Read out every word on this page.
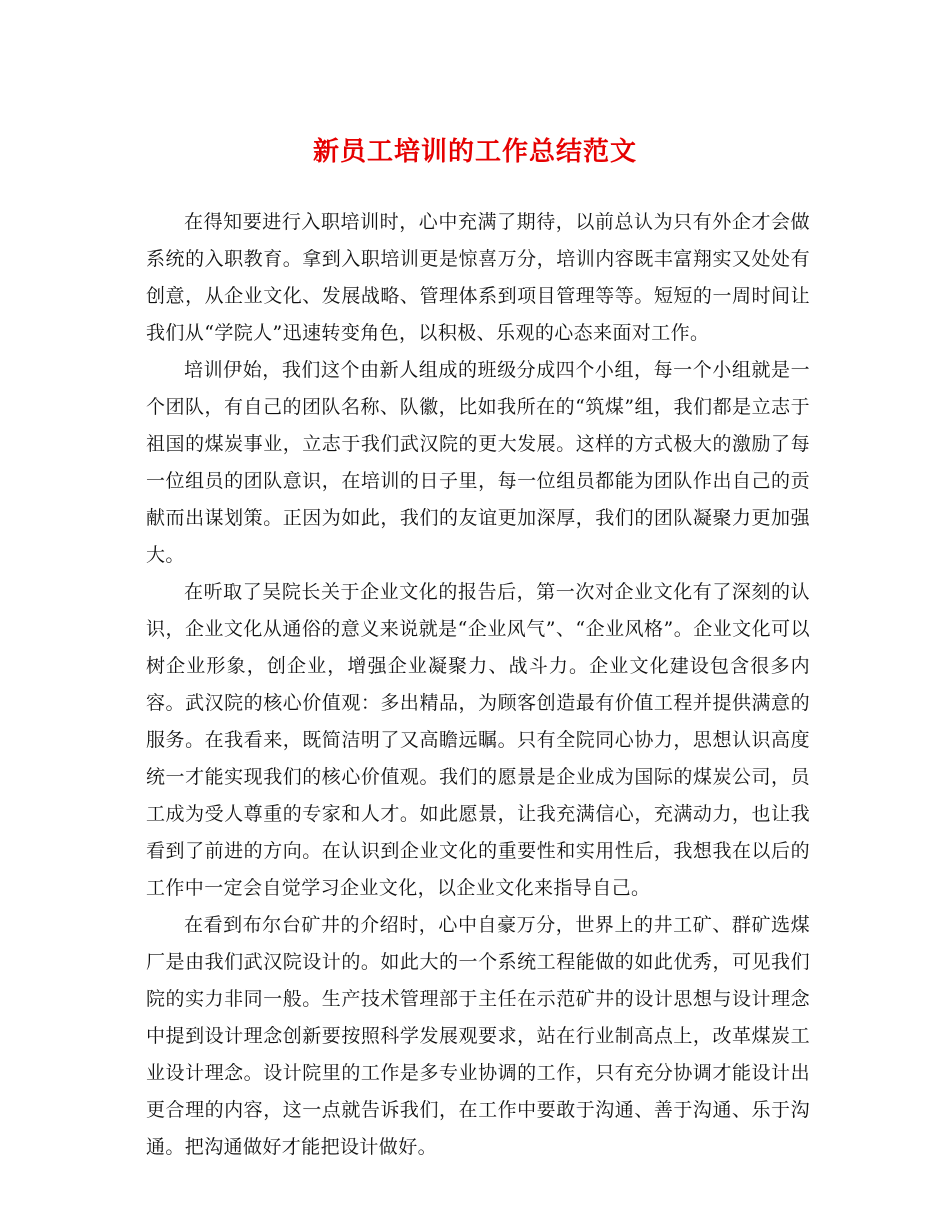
新员工培训的工作总结范文

在得知要进行入职培训时，心中充满了期待，以前总认为只有外企才会做系统的入职教育。拿到入职培训更是惊喜万分，培训内容既丰富翔实又处处有创意，从企业文化、发展战略、管理体系到项目管理等等。短短的一周时间让我们从“学院人”迅速转变角色，以积极、乐观的心态来面对工作。

培训伊始，我们这个由新人组成的班级分成四个小组，每一个小组就是一个团队，有自己的团队名称、队徽，比如我所在的“筑煤”组，我们都是立志于祖国的煤炭事业，立志于我们武汉院的更大发展。这样的方式极大的激励了每一位组员的团队意识，在培训的日子里，每一位组员都能为团队作出自己的贡献而出谋划策。正因为如此，我们的友谊更加深厚，我们的团队凝聚力更加强大。

在听取了吴院长关于企业文化的报告后，第一次对企业文化有了深刻的认识，企业文化从通俗的意义来说就是“企业风气”、“企业风格”。企业文化可以树企业形象，创企业，增强企业凝聚力、战斗力。企业文化建设包含很多内容。武汉院的核心价值观：多出精品，为顾客创造最有价值工程并提供满意的服务。在我看来，既简洁明了又高瞻远瞩。只有全院同心协力，思想认识高度统一才能实现我们的核心价值观。我们的愿景是企业成为国际的煤炭公司，员工成为受人尊重的专家和人才。如此愿景，让我充满信心，充满动力，也让我看到了前进的方向。在认识到企业文化的重要性和实用性后，我想我在以后的工作中一定会自觉学习企业文化，以企业文化来指导自己。

在看到布尔台矿井的介绍时，心中自豪万分，世界上的井工矿、群矿选煤厂是由我们武汉院设计的。如此大的一个系统工程能做的如此优秀，可见我们院的实力非同一般。生产技术管理部于主任在示范矿井的设计思想与设计理念中提到设计理念创新要按照科学发展观要求，站在行业制高点上，改革煤炭工业设计理念。设计院里的工作是多专业协调的工作，只有充分协调才能设计出更合理的内容，这一点就告诉我们，在工作中要敢于沟通、善于沟通、乐于沟通。把沟通做好才能把设计做好。
